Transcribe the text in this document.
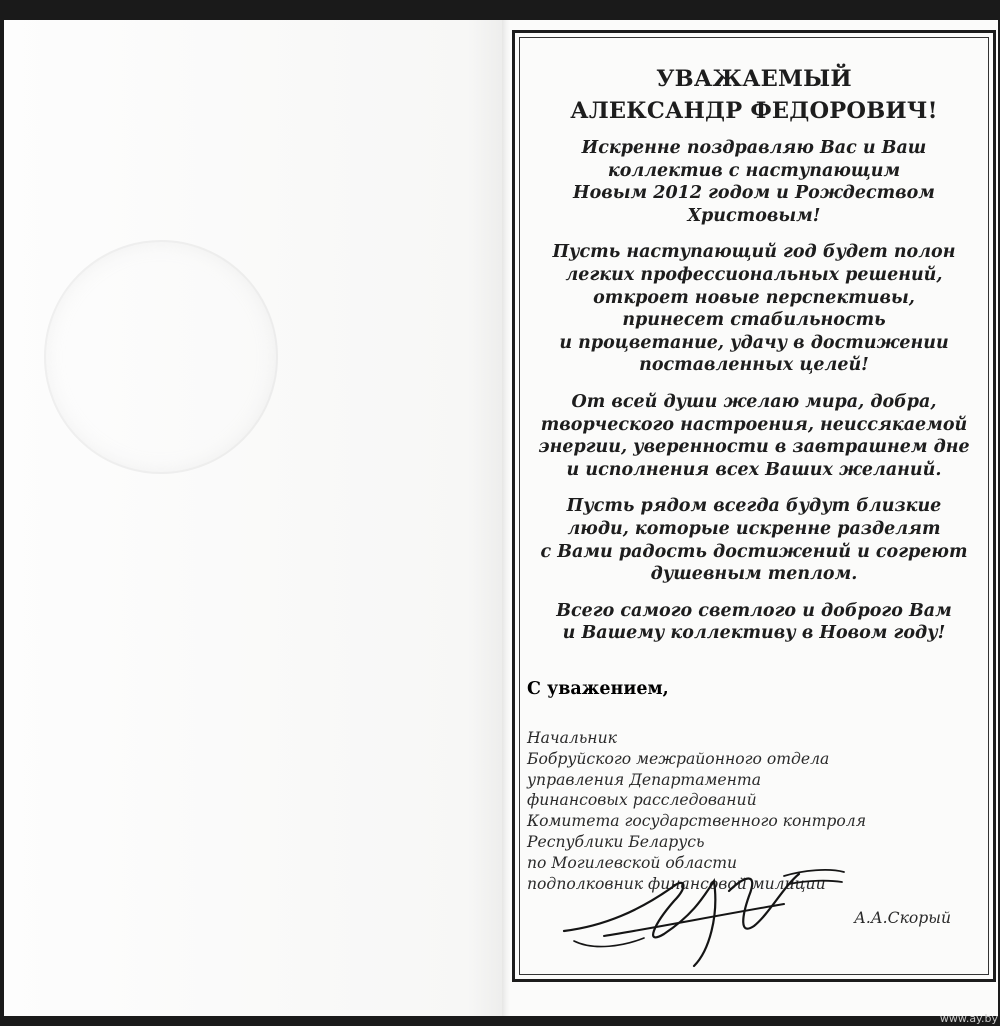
УВАЖАЕМЫЙ
АЛЕКСАНДР ФЕДОРОВИЧ!
Искренне поздравляю Вас и Ваш
коллектив с наступающим
Новым 2012 годом и Рождеством
Христовым!
Пусть наступающий год будет полон
легких профессиональных решений,
откроет новые перспективы,
принесет стабильность
и процветание, удачу в достижении
поставленных целей!
От всей души желаю мира, добра,
творческого настроения, неиссякаемой
энергии, уверенности в завтрашнем дне
и исполнения всех Ваших желаний.
Пусть рядом всегда будут близкие
люди, которые искренне разделят
с Вами радость достижений и согреют
душевным теплом.
Всего самого светлого и доброго Вам
и Вашему коллективу в Новом году!
С уважением,
Начальник
Бобруйского межрайонного отдела
управления Департамента
финансовых расследований
Комитета государственного контроля
Республики Беларусь
по Могилевской области
подполковник финансовой милиции
А.А.Скорый
www.ay.by
